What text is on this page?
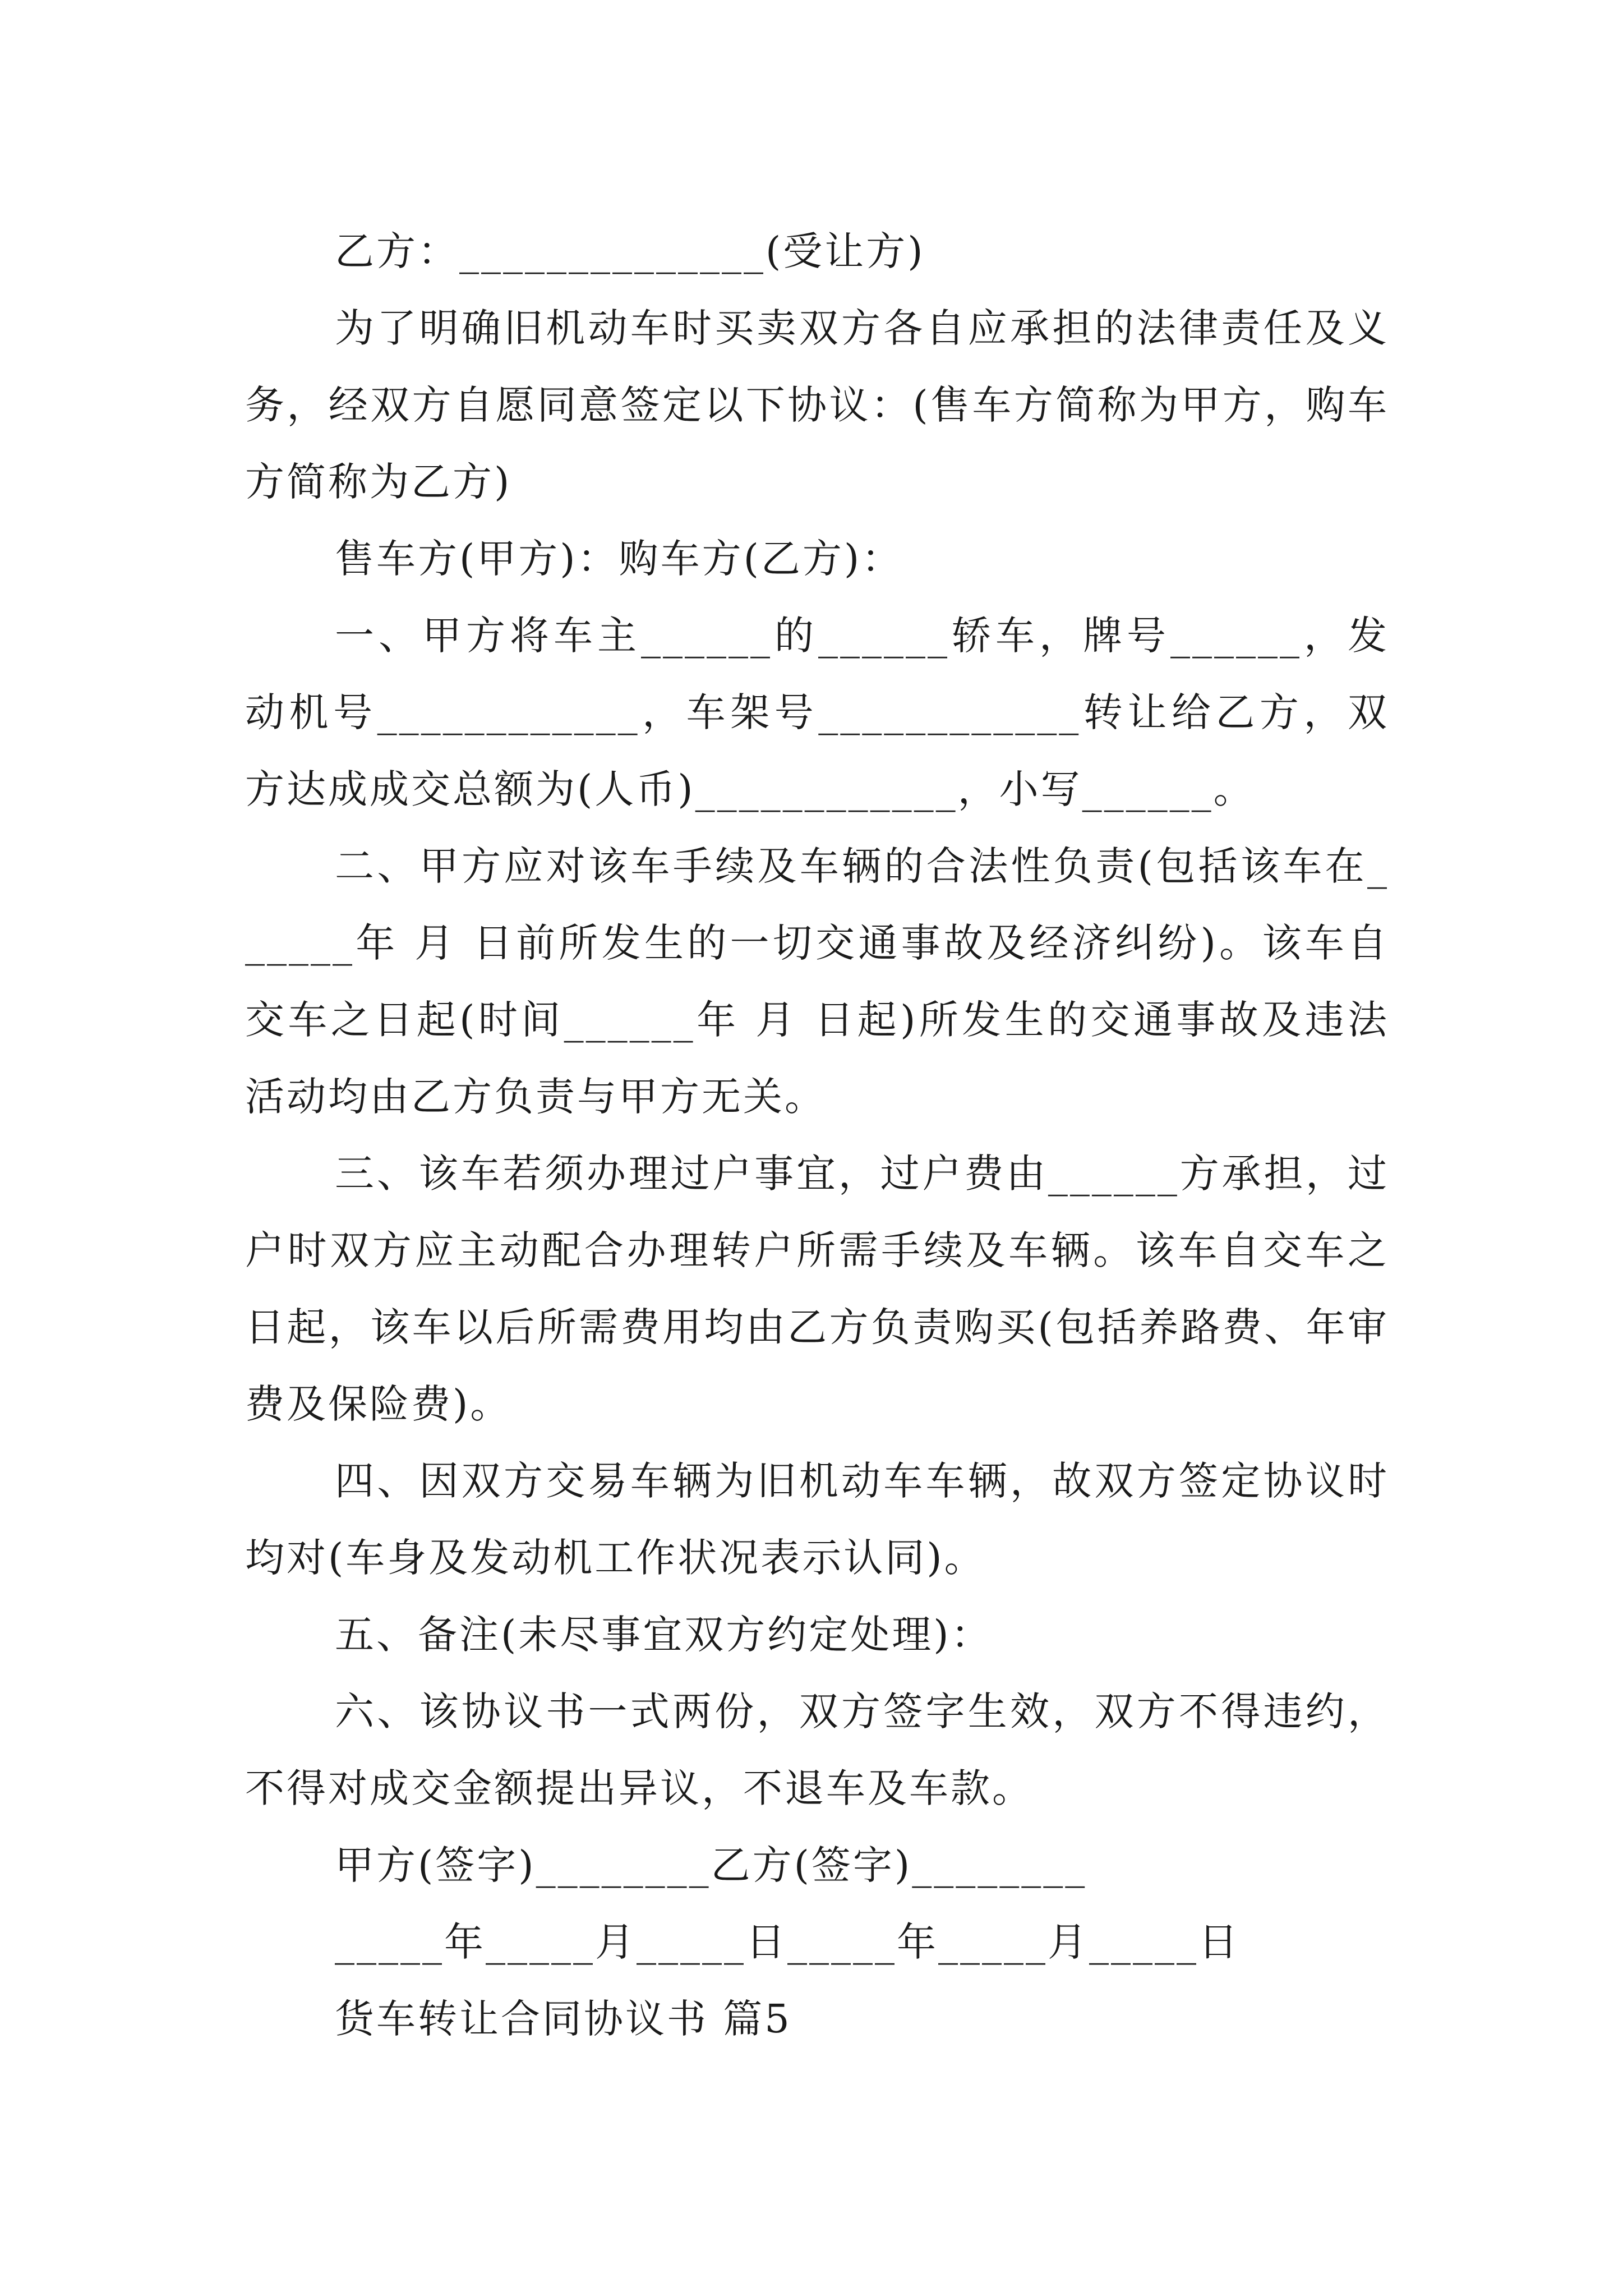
乙方：______________(受让方)

为了明确旧机动车时买卖双方各自应承担的法律责任及义务，经双方自愿同意签定以下协议：(售车方简称为甲方，购车方简称为乙方)

售车方(甲方)：购车方(乙方)：

一、甲方将车主______的______轿车，牌号______，发动机号____________，车架号____________转让给乙方，双方达成成交总额为(人币)____________，小写______。

二、甲方应对该车手续及车辆的合法性负责(包括该车在______年 月 日前所发生的一切交通事故及经济纠纷)。该车自交车之日起(时间______年 月 日起)所发生的交通事故及违法活动均由乙方负责与甲方无关。

三、该车若须办理过户事宜，过户费由______方承担，过户时双方应主动配合办理转户所需手续及车辆。该车自交车之日起，该车以后所需费用均由乙方负责购买(包括养路费、年审费及保险费)。

四、因双方交易车辆为旧机动车车辆，故双方签定协议时均对(车身及发动机工作状况表示认同)。

五、备注(未尽事宜双方约定处理)：

六、该协议书一式两份，双方签字生效，双方不得违约，不得对成交金额提出异议，不退车及车款。

甲方(签字)________乙方(签字)________

_____年_____月_____日_____年_____月_____日

货车转让合同协议书 篇5
